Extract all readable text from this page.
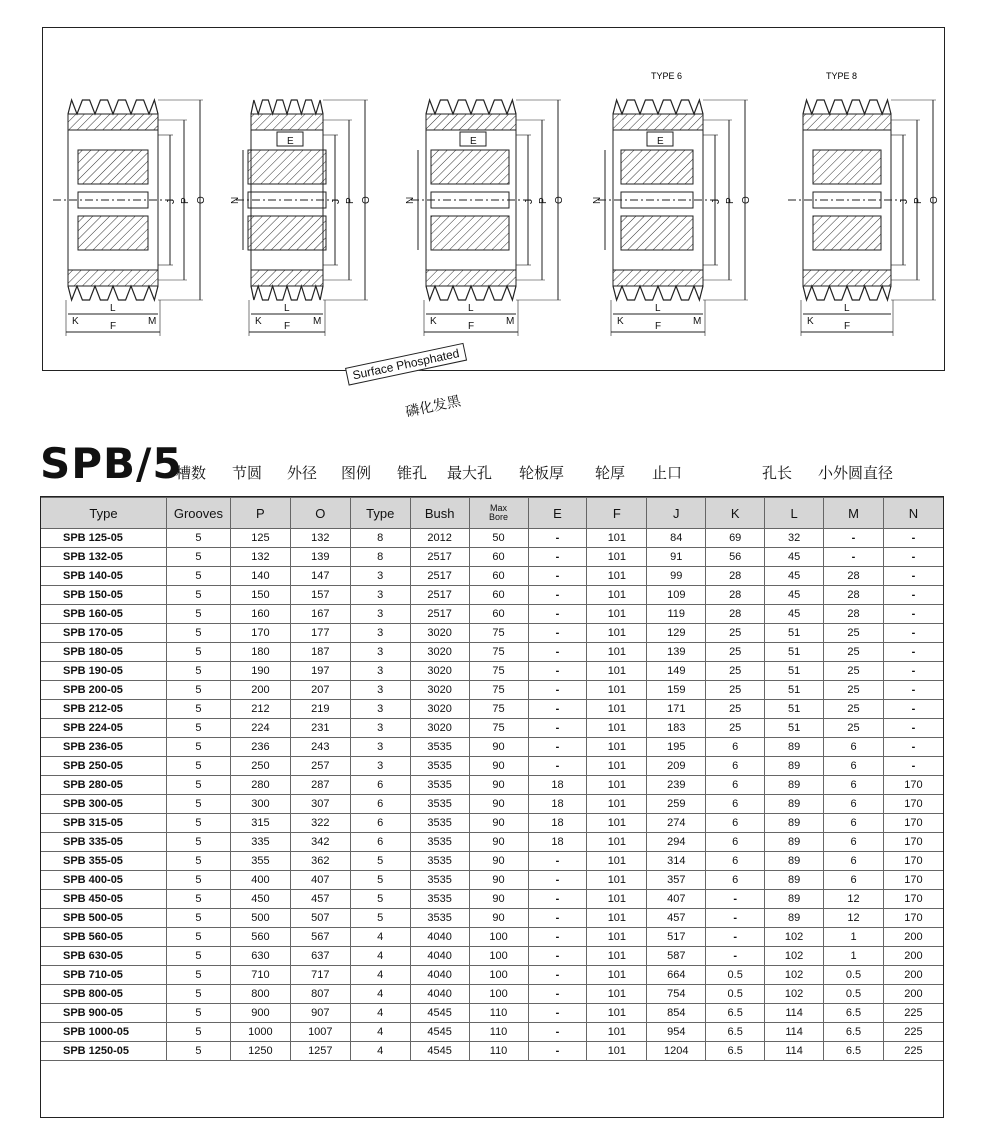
J P O
K
L
M
F
J P O
N
E
K
L
M
F
J P O
N
E
K
L
M
F
J P O
N
E
K
L
M
F
J P O
K
L
F
TYPE 6	TYPE 8
Surface Phosphated
磷化发黑
SPB/5
槽数 节圆 外径 图例 锥孔 最大孔 轮板厚 轮厚 止口	孔长 小外圆直径
Type	Grooves	P	O	Type	Bush	Max
Bore	E	F	J	K	L	M	N
SPB 125-05	5	125	132	8	2012	50	-	101	84	69	32	-	-
SPB 132-05	5	132	139	8	2517	60	-	101	91	56	45	-	-
SPB 140-05	5	140	147	3	2517	60	-	101	99	28	45	28	-
SPB 150-05	5	150	157	3	2517	60	-	101	109	28	45	28	-
SPB 160-05	5	160	167	3	2517	60	-	101	119	28	45	28	-
SPB 170-05	5	170	177	3	3020	75	-	101	129	25	51	25	-
SPB 180-05	5	180	187	3	3020	75	-	101	139	25	51	25	-
SPB 190-05	5	190	197	3	3020	75	-	101	149	25	51	25	-
SPB 200-05	5	200	207	3	3020	75	-	101	159	25	51	25	-
SPB 212-05	5	212	219	3	3020	75	-	101	171	25	51	25	-
SPB 224-05	5	224	231	3	3020	75	-	101	183	25	51	25	-
SPB 236-05	5	236	243	3	3535	90	-	101	195	6	89	6	-
SPB 250-05	5	250	257	3	3535	90	-	101	209	6	89	6	-
SPB 280-05	5	280	287	6	3535	90	18	101	239	6	89	6	170
SPB 300-05	5	300	307	6	3535	90	18	101	259	6	89	6	170
SPB 315-05	5	315	322	6	3535	90	18	101	274	6	89	6	170
SPB 335-05	5	335	342	6	3535	90	18	101	294	6	89	6	170
SPB 355-05	5	355	362	5	3535	90	-	101	314	6	89	6	170
SPB 400-05	5	400	407	5	3535	90	-	101	357	6	89	6	170
SPB 450-05	5	450	457	5	3535	90	-	101	407	-	89	12	170
SPB 500-05	5	500	507	5	3535	90	-	101	457	-	89	12	170
SPB 560-05	5	560	567	4	4040	100	-	101	517	-	102	1	200
SPB 630-05	5	630	637	4	4040	100	-	101	587	-	102	1	200
SPB 710-05	5	710	717	4	4040	100	-	101	664	0.5	102	0.5	200
SPB 800-05	5	800	807	4	4040	100	-	101	754	0.5	102	0.5	200
SPB 900-05	5	900	907	4	4545	110	-	101	854	6.5	114	6.5	225
SPB 1000-05	5	1000	1007	4	4545	110	-	101	954	6.5	114	6.5	225
SPB 1250-05	5	1250	1257	4	4545	110	-	101	1204	6.5	114	6.5	225
